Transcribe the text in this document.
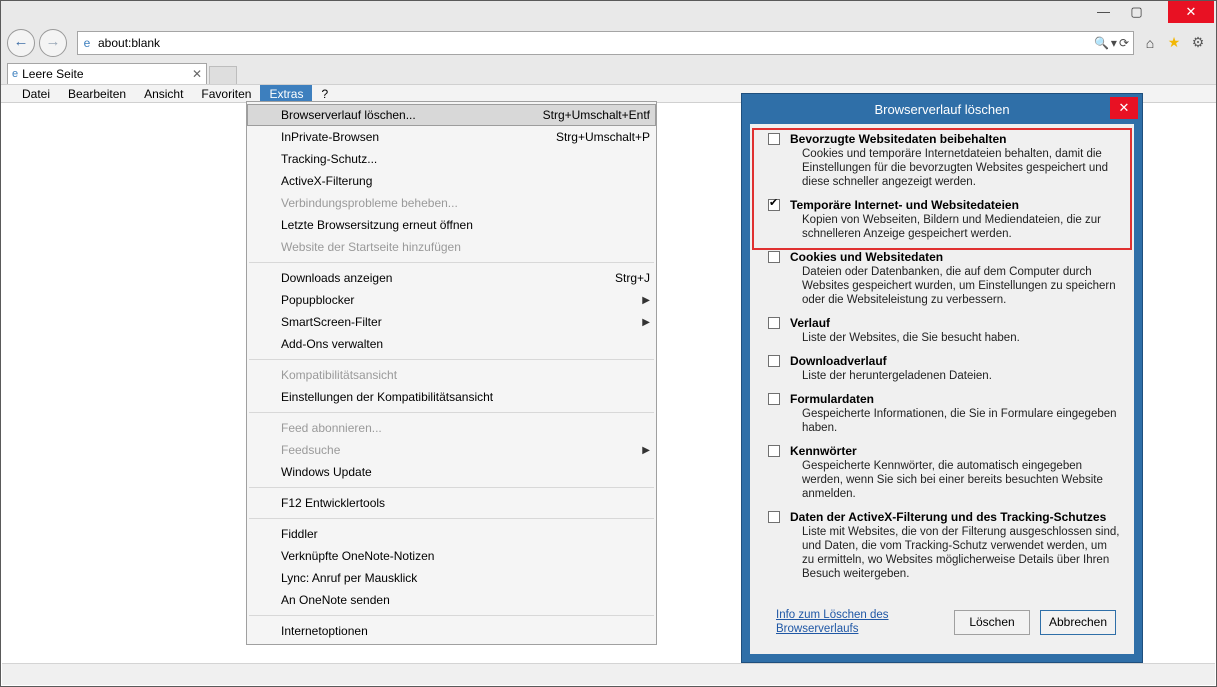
—	▢	✕
←	→	e about:blank	🔍 ▾ ⟳	⌂ ★ ⚙
e Leere Seite	✕
Datei	Bearbeiten	Ansicht	Favoriten	Extras	?
Browserverlauf löschen...	Strg+Umschalt+Entf
InPrivate-Browsen	Strg+Umschalt+P
Tracking-Schutz...
ActiveX-Filterung
Verbindungsprobleme beheben...
Letzte Browsersitzung erneut öffnen
Website der Startseite hinzufügen
Downloads anzeigen	Strg+J
Popupblocker	▶
SmartScreen-Filter	▶
Add-Ons verwalten
Kompatibilitätsansicht
Einstellungen der Kompatibilitätsansicht
Feed abonnieren...
Feedsuche	▶
Windows Update
F12 Entwicklertools
Fiddler
Verknüpfte OneNote-Notizen
Lync: Anruf per Mausklick
An OneNote senden
Internetoptionen
Browserverlauf löschen	✕
Bevorzugte Websitedaten beibehalten
Cookies und temporäre Internetdateien behalten, damit die Einstellungen für die bevorzugten Websites gespeichert und diese schneller angezeigt werden.
✔
Temporäre Internet- und Websitedateien
Kopien von Webseiten, Bildern und Mediendateien, die zur schnelleren Anzeige gespeichert werden.
Cookies und Websitedaten
Dateien oder Datenbanken, die auf dem Computer durch Websites gespeichert wurden, um Einstellungen zu speichern oder die Websiteleistung zu verbessern.
Verlauf
Liste der Websites, die Sie besucht haben.
Downloadverlauf
Liste der heruntergeladenen Dateien.
Formulardaten
Gespeicherte Informationen, die Sie in Formulare eingegeben haben.
Kennwörter
Gespeicherte Kennwörter, die automatisch eingegeben werden, wenn Sie sich bei einer bereits besuchten Website anmelden.
Daten der ActiveX-Filterung und des Tracking-Schutzes
Liste mit Websites, die von der Filterung ausgeschlossen sind, und Daten, die vom Tracking-Schutz verwendet werden, um zu ermitteln, wo Websites möglicherweise Details über Ihren Besuch weitergeben.
Info zum Löschen des Browserverlaufs	Löschen	Abbrechen
